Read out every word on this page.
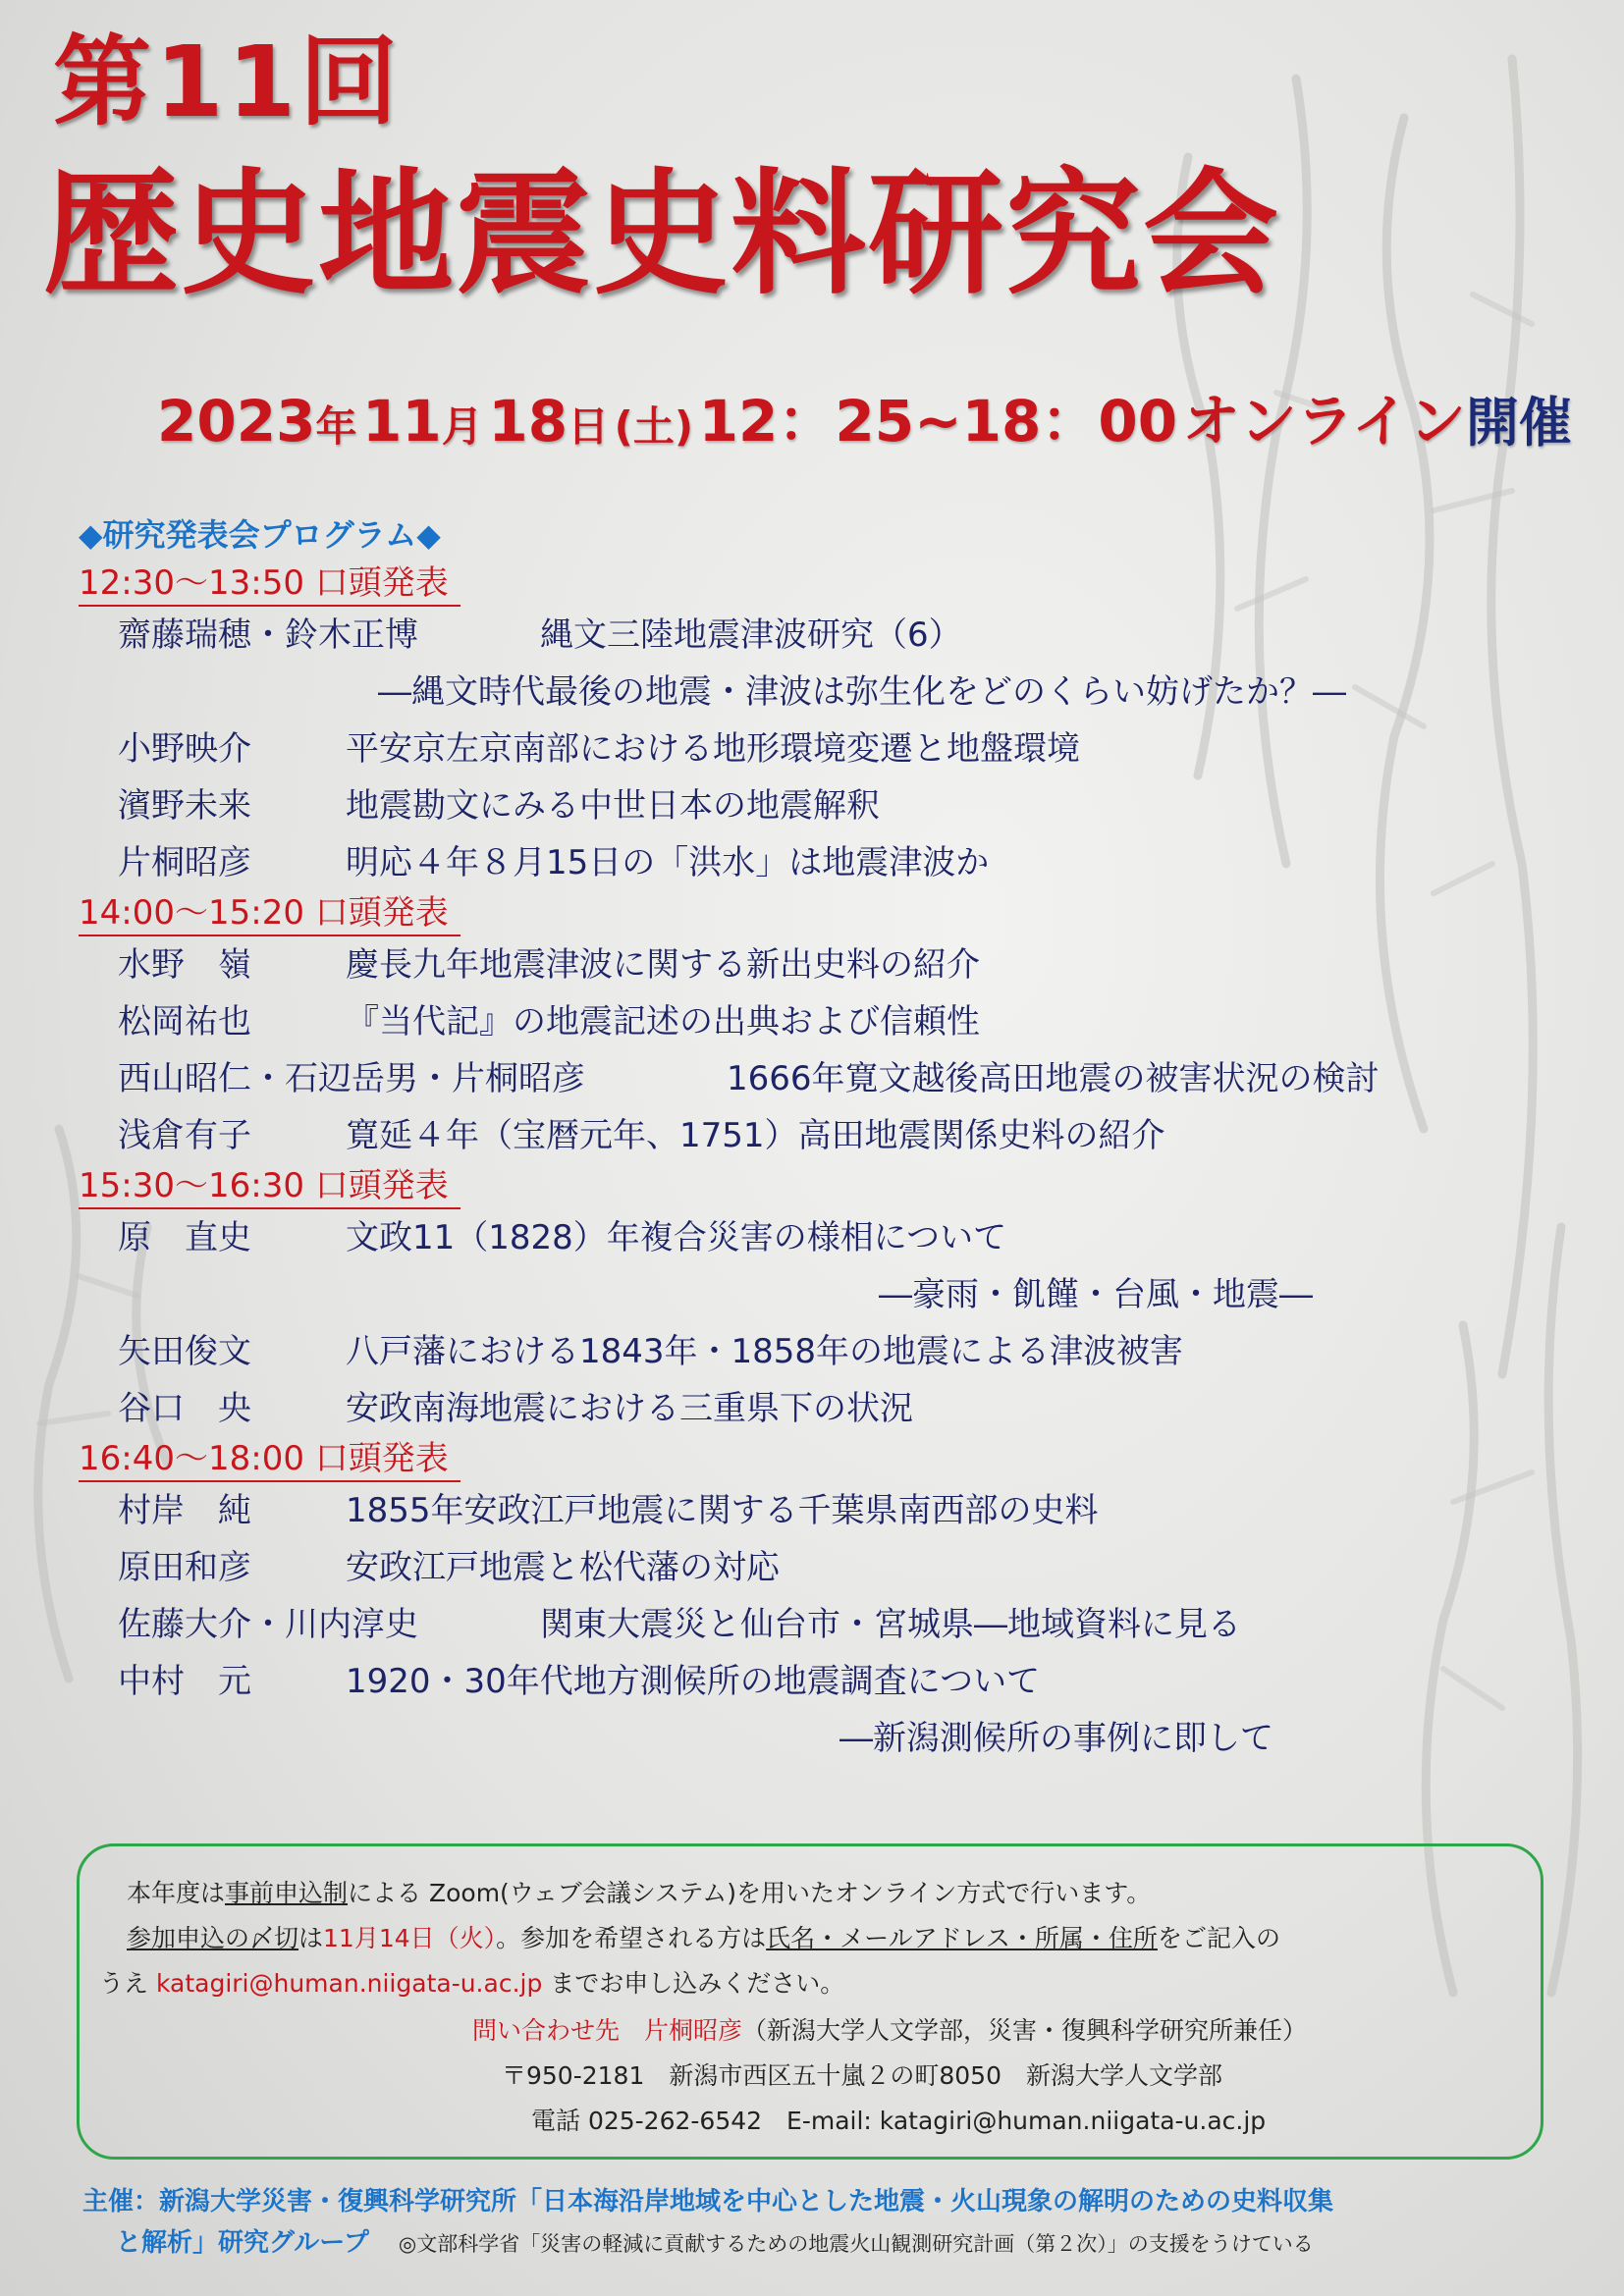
第11回
歴史地震史料研究会
2023年 11月 18日 (土) 12：25~18：00 オンライン開催
◆研究発表会プログラム◆
12:30～13:50 口頭発表
齋藤瑞穂・鈴木正博	縄文三陸地震津波研究（6）
―縄文時代最後の地震・津波は弥生化をどのくらい妨げたか？―
小野映介	平安京左京南部における地形環境変遷と地盤環境
濱野未来	地震勘文にみる中世日本の地震解釈
片桐昭彦	明応４年８月15日の「洪水」は地震津波か
14:00～15:20 口頭発表
水野　嶺	慶長九年地震津波に関する新出史料の紹介
松岡祐也	『当代記』の地震記述の出典および信頼性
西山昭仁・石辺岳男・片桐昭彦	1666年寛文越後高田地震の被害状況の検討
浅倉有子	寛延４年（宝暦元年、1751）高田地震関係史料の紹介
15:30～16:30 口頭発表
原　直史	文政11（1828）年複合災害の様相について
―豪雨・飢饉・台風・地震―
矢田俊文	八戸藩における1843年・1858年の地震による津波被害
谷口　央	安政南海地震における三重県下の状況
16:40～18:00 口頭発表
村岸　純	1855年安政江戸地震に関する千葉県南西部の史料
原田和彦	安政江戸地震と松代藩の対応
佐藤大介・川内淳史	関東大震災と仙台市・宮城県―地域資料に見る
中村　元	1920・30年代地方測候所の地震調査について
―新潟測候所の事例に即して
本年度は事前申込制による Zoom(ウェブ会議システム)を用いたオンライン方式で行います。
参加申込の〆切は11月14日（火）。参加を希望される方は氏名・メールアドレス・所属・住所をご記入の
うえ katagiri@human.niigata-u.ac.jp までお申し込みください。
問い合わせ先　片桐昭彦（新潟大学人文学部，災害・復興科学研究所兼任）
〒950-2181　新潟市西区五十嵐２の町8050　新潟大学人文学部
電話 025-262-6542　E-mail: katagiri@human.niigata-u.ac.jp
主催：新潟大学災害・復興科学研究所「日本海沿岸地域を中心とした地震・火山現象の解明のための史料収集
と解析」研究グループ ◎文部科学省「災害の軽減に貢献するための地震火山観測研究計画（第２次）」の支援をうけている
